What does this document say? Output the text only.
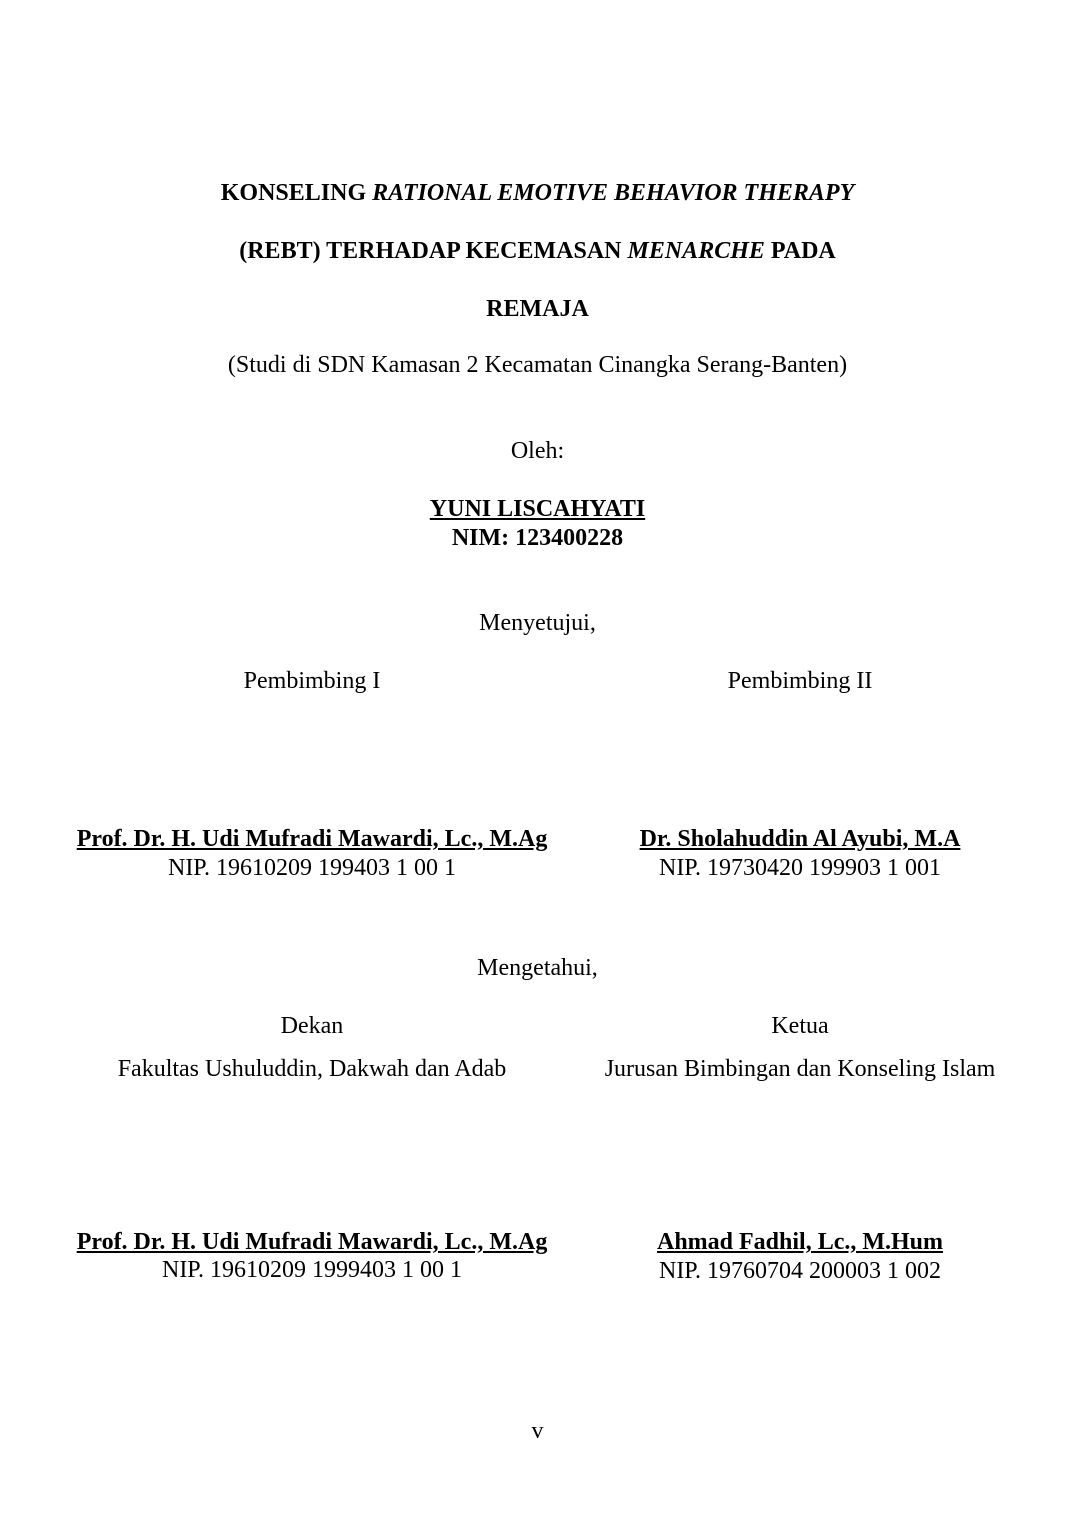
KONSELING RATIONAL EMOTIVE BEHAVIOR THERAPY
(REBT) TERHADAP KECEMASAN MENARCHE PADA
REMAJA
(Studi di SDN Kamasan 2 Kecamatan Cinangka Serang-Banten)
Oleh:
YUNI LISCAHYATI
NIM: 123400228
Menyetujui,
Pembimbing I	Pembimbing II
Prof. Dr. H. Udi Mufradi Mawardi, Lc., M.Ag
NIP. 19610209 199403 1 00 1
Dr. Sholahuddin Al Ayubi, M.A
NIP. 19730420 199903 1 001
Mengetahui,
Dekan	Ketua
Fakultas Ushuluddin, Dakwah dan Adab	Jurusan Bimbingan dan Konseling Islam
Prof. Dr. H. Udi Mufradi Mawardi, Lc., M.Ag
NIP. 19610209 1999403 1 00 1
Ahmad Fadhil, Lc., M.Hum
NIP. 19760704 200003 1 002
v
